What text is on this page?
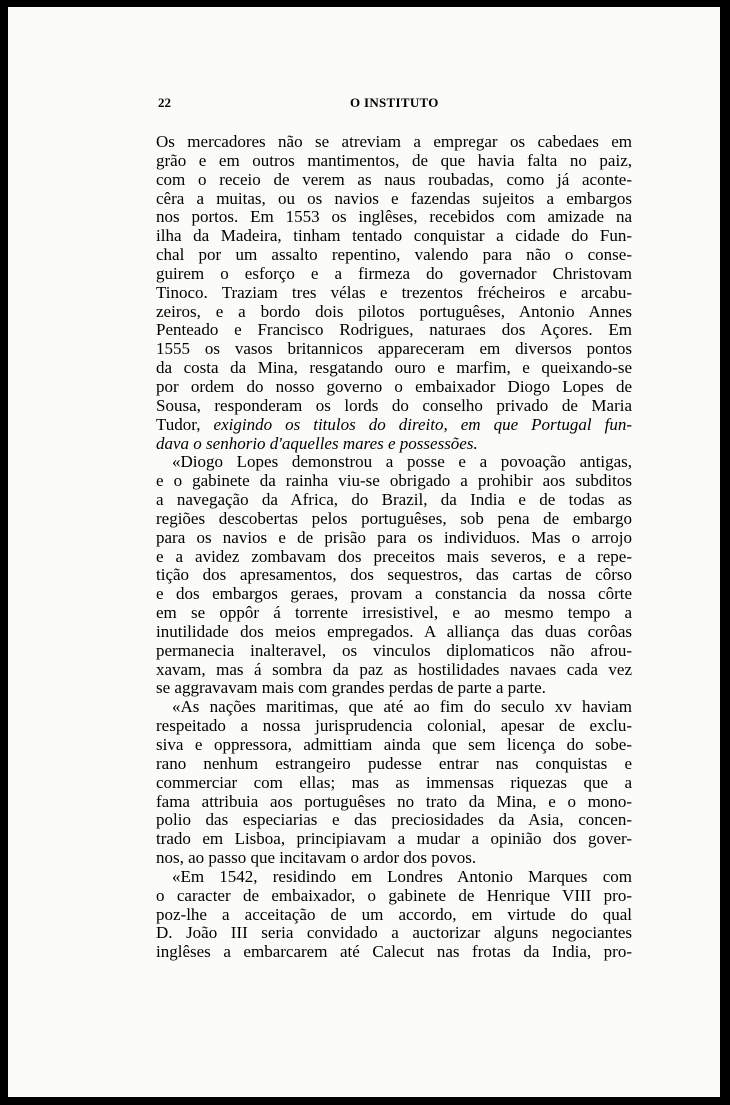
22	O INSTITUTO
Os mercadores não se atreviam a empregar os cabedaes em
grão e em outros mantimentos, de que havia falta no paiz,
com o receio de verem as naus roubadas, como já aconte-
cêra a muitas, ou os navios e fazendas sujeitos a embargos
nos portos. Em 1553 os inglêses, recebidos com amizade na
ilha da Madeira, tinham tentado conquistar a cidade do Fun-
chal por um assalto repentino, valendo para não o conse-
guirem o esforço e a firmeza do governador Christovam
Tinoco. Traziam tres vélas e trezentos frécheiros e arcabu-
zeiros, e a bordo dois pilotos portuguêses, Antonio Annes
Penteado e Francisco Rodrigues, naturaes dos Açores. Em
1555 os vasos britannicos appareceram em diversos pontos
da costa da Mina, resgatando ouro e marfim, e queixando-se
por ordem do nosso governo o embaixador Diogo Lopes de
Sousa, responderam os lords do conselho privado de Maria
Tudor, exigindo os titulos do direito, em que Portugal fun-
dava o senhorio d'aquelles mares e possessões.
«Diogo Lopes demonstrou a posse e a povoação antigas,
e o gabinete da rainha viu-se obrigado a prohibir aos subditos
a navegação da Africa, do Brazil, da India e de todas as
regiões descobertas pelos portuguêses, sob pena de embargo
para os navios e de prisão para os individuos. Mas o arrojo
e a avidez zombavam dos preceitos mais severos, e a repe-
tição dos apresamentos, dos sequestros, das cartas de côrso
e dos embargos geraes, provam a constancia da nossa côrte
em se oppôr á torrente irresistivel, e ao mesmo tempo a
inutilidade dos meios empregados. A alliança das duas corôas
permanecia inalteravel, os vinculos diplomaticos não afrou-
xavam, mas á sombra da paz as hostilidades navaes cada vez
se aggravavam mais com grandes perdas de parte a parte.
«As nações maritimas, que até ao fim do seculo xv haviam
respeitado a nossa jurisprudencia colonial, apesar de exclu-
siva e oppressora, admittiam ainda que sem licença do sobe-
rano nenhum estrangeiro pudesse entrar nas conquistas e
commerciar com ellas; mas as immensas riquezas que a
fama attribuia aos portuguêses no trato da Mina, e o mono-
polio das especiarias e das preciosidades da Asia, concen-
trado em Lisboa, principiavam a mudar a opinião dos gover-
nos, ao passo que incitavam o ardor dos povos.
«Em 1542, residindo em Londres Antonio Marques com
o caracter de embaixador, o gabinete de Henrique VIII pro-
poz-lhe a acceitação de um accordo, em virtude do qual
D. João III seria convidado a auctorizar alguns negociantes
inglêses a embarcarem até Calecut nas frotas da India, pro-
